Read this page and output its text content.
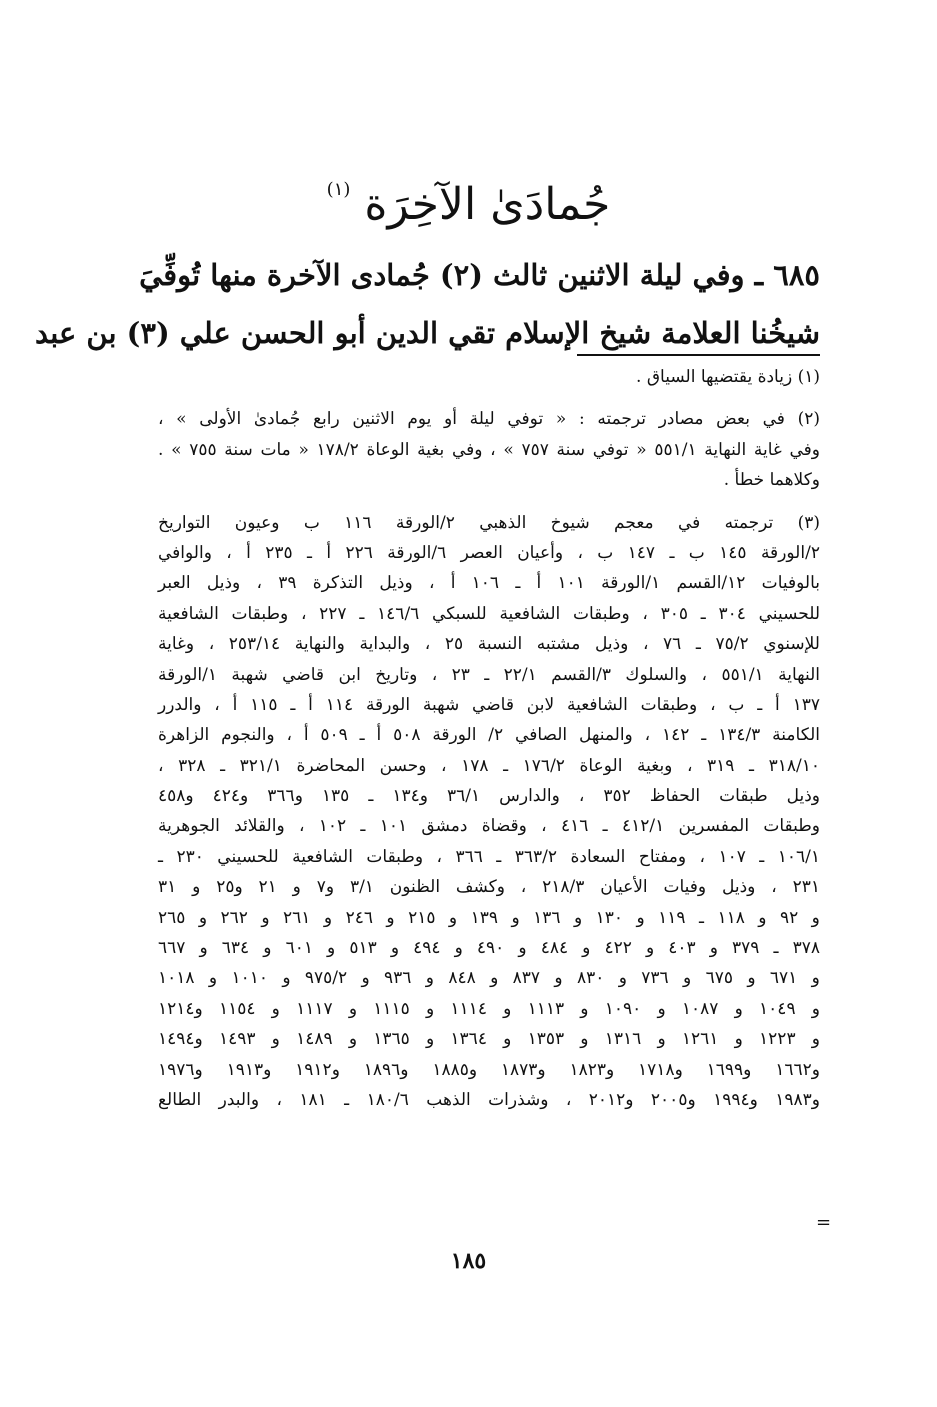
جُمادَىٰ الآخِرَة $^{(١)}$
٦٨٥ ـ وفي ليلة الاثنين ثالث (٢) جُمادى الآخرة منها تُوفِّيَ
شيخُنا العلامة شيخ الإسلام تقي الدين أبو الحسن علي (٣) بن عبد
(١) زيادة يقتضيها السياق .
(٢) في بعض مصادر ترجمته : « توفي ليلة أو يوم الاثنين رابع جُمادىٰ الأولى » ،
وفي غاية النهاية ٥٥١/١ « توفي سنة ٧٥٧ » ، وفي بغية الوعاة ١٧٨/٢ « مات سنة ٧٥٥ » .
وكلاهما خطأ .
(٣) ترجمته في معجم شيوخ الذهبي ٢/الورقة ١١٦ ب وعيون التواريخ
٢/الورقة ١٤٥ ب ـ ١٤٧ ب ، وأعيان العصر ٦/الورقة ٢٢٦ أ ـ ٢٣٥ أ ، والوافي
بالوفيات ١٢/القسم ١/الورقة ١٠١ أ ـ ١٠٦ أ ، وذيل التذكرة ٣٩ ، وذيل العبر
للحسيني ٣٠٤ ـ ٣٠٥ ، وطبقات الشافعية للسبكي ١٤٦/٦ ـ ٢٢٧ ، وطبقات الشافعية
للإسنوي ٧٥/٢ ـ ٧٦ ، وذيل مشتبه النسبة ٢٥ ، والبداية والنهاية ٢٥٣/١٤ ، وغاية
النهاية ٥٥١/١ ، والسلوك ٣/القسم ٢٢/١ ـ ٢٣ ، وتاريخ ابن قاضي شهبة ١/الورقة
١٣٧ أ ـ ب ، وطبقات الشافعية لابن قاضي شهبة الورقة ١١٤ أ ـ ١١٥ أ ، والدرر
الكامنة ١٣٤/٣ ـ ١٤٢ ، والمنهل الصافي ٢/ الورقة ٥٠٨ أ ـ ٥٠٩ أ ، والنجوم الزاهرة
٣١٨/١٠ ـ ٣١٩ ، وبغية الوعاة ١٧٦/٢ ـ ١٧٨ ، وحسن المحاضرة ٣٢١/١ ـ ٣٢٨ ،
وذيل طبقات الحفاظ ٣٥٢ ، والدارس ٣٦/١ و١٣٤ ـ ١٣٥ و٣٦٦ و٤٢٤ و٤٥٨
وطبقات المفسرين ٤١٢/١ ـ ٤١٦ ، وقضاة دمشق ١٠١ ـ ١٠٢ ، والقلائد الجوهرية
١٠٦/١ ـ ١٠٧ ، ومفتاح السعادة ٣٦٣/٢ ـ ٣٦٦ ، وطبقات الشافعية للحسيني ٢٣٠ ـ
٢٣١ ، وذيل وفيات الأعيان ٢١٨/٣ ، وكشف الظنون ٣/١ و٧ و ٢١ و٢٥ و ٣١
و ٩٢ و ١١٨ ـ ١١٩ و ١٣٠ و ١٣٦ و ١٣٩ و ٢١٥ و ٢٤٦ و ٢٦١ و ٢٦٢ و ٢٦٥
٣٧٨ ـ ٣٧٩ و ٤٠٣ و ٤٢٢ و ٤٨٤ و ٤٩٠ و ٤٩٤ و ٥١٣ و ٦٠١ و ٦٣٤ و ٦٦٧
و ٦٧١ و ٦٧٥ و ٧٣٦ و ٨٣٠ و ٨٣٧ و ٨٤٨ و ٩٣٦ و ٩٧٥/٢ و ١٠١٠ و ١٠١٨
و ١٠٤٩ و ١٠٨٧ و ١٠٩٠ و ١١١٣ و ١١١٤ و ١١١٥ و ١١١٧ و ١١٥٤ و١٢١٤
و ١٢٢٣ و ١٢٦١ و ١٣١٦ و ١٣٥٣ و ١٣٦٤ و ١٣٦٥ و ١٤٨٩ و ١٤٩٣ و١٤٩٤
و١٦٦٢ و١٦٩٩ و١٧١٨ و١٨٢٣ و١٨٧٣ و١٨٨٥ و١٨٩٦ و١٩١٢ و١٩١٣ و١٩٧٦
و١٩٨٣ و١٩٩٤ و٢٠٠٥ و٢٠١٢ ، وشذرات الذهب ١٨٠/٦ ـ ١٨١ ، والبدر الطالع
=
١٨٥
